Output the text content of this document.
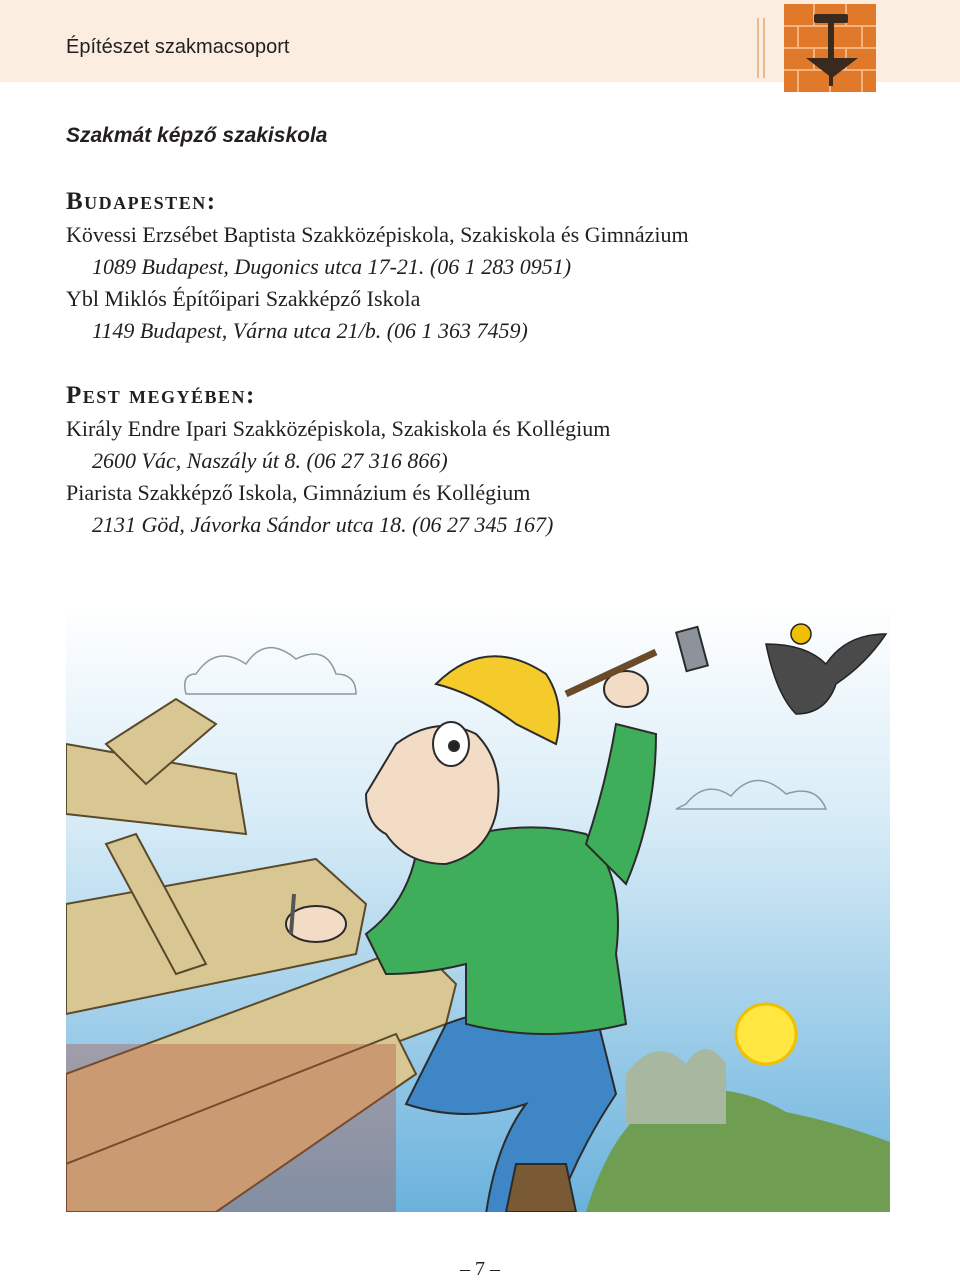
Építészet szakmacsoport
Szakmát képző szakiskola
Budapesten:
Kövessi Erzsébet Baptista Szakközépiskola, Szakiskola és Gimnázium
1089 Budapest, Dugonics utca 17-21. (06 1 283 0951)
Ybl Miklós Építőipari Szakképző Iskola
1149 Budapest, Várna utca 21/b. (06 1 363 7459)
Pest megyében:
Király Endre Ipari Szakközépiskola, Szakiskola és Kollégium
2600 Vác, Naszály út 8. (06 27 316 866)
Piarista Szakképző Iskola, Gimnázium és Kollégium
2131 Göd, Jávorka Sándor utca 18. (06 27 345 167)
– 7 –
